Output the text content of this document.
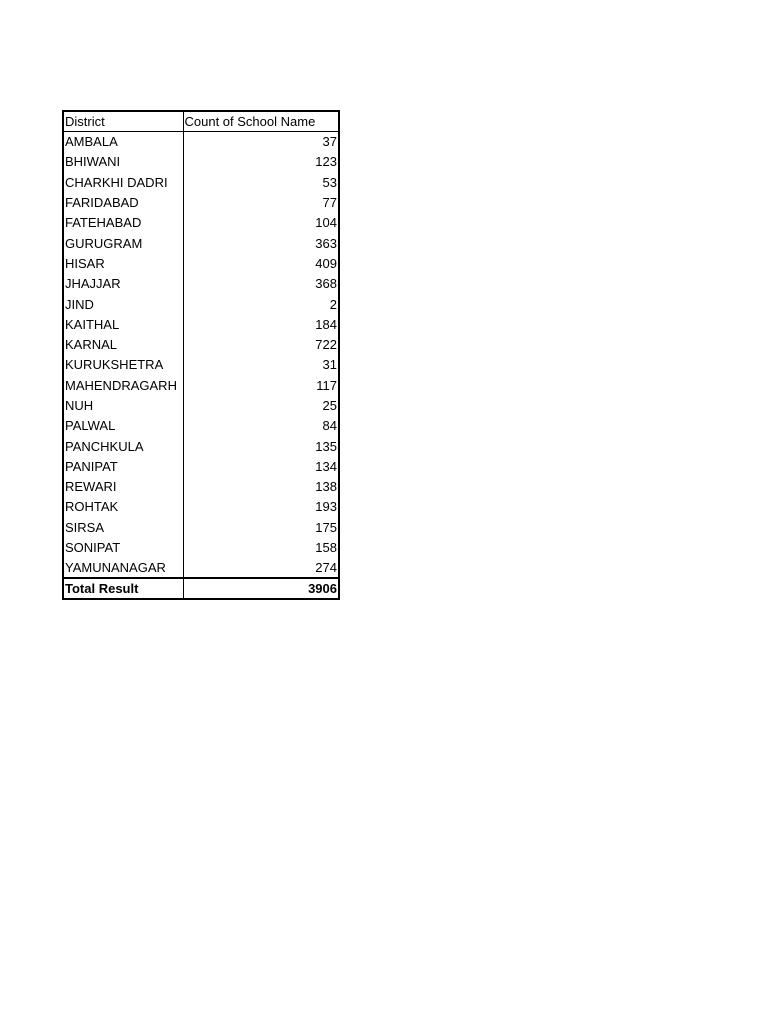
District	Count of School Name
AMBALA	37
BHIWANI	123
CHARKHI DADRI	53
FARIDABAD	77
FATEHABAD	104
GURUGRAM	363
HISAR	409
JHAJJAR	368
JIND	2
KAITHAL	184
KARNAL	722
KURUKSHETRA	31
MAHENDRAGARH	117
NUH	25
PALWAL	84
PANCHKULA	135
PANIPAT	134
REWARI	138
ROHTAK	193
SIRSA	175
SONIPAT	158
YAMUNANAGAR	274
Total Result	3906
